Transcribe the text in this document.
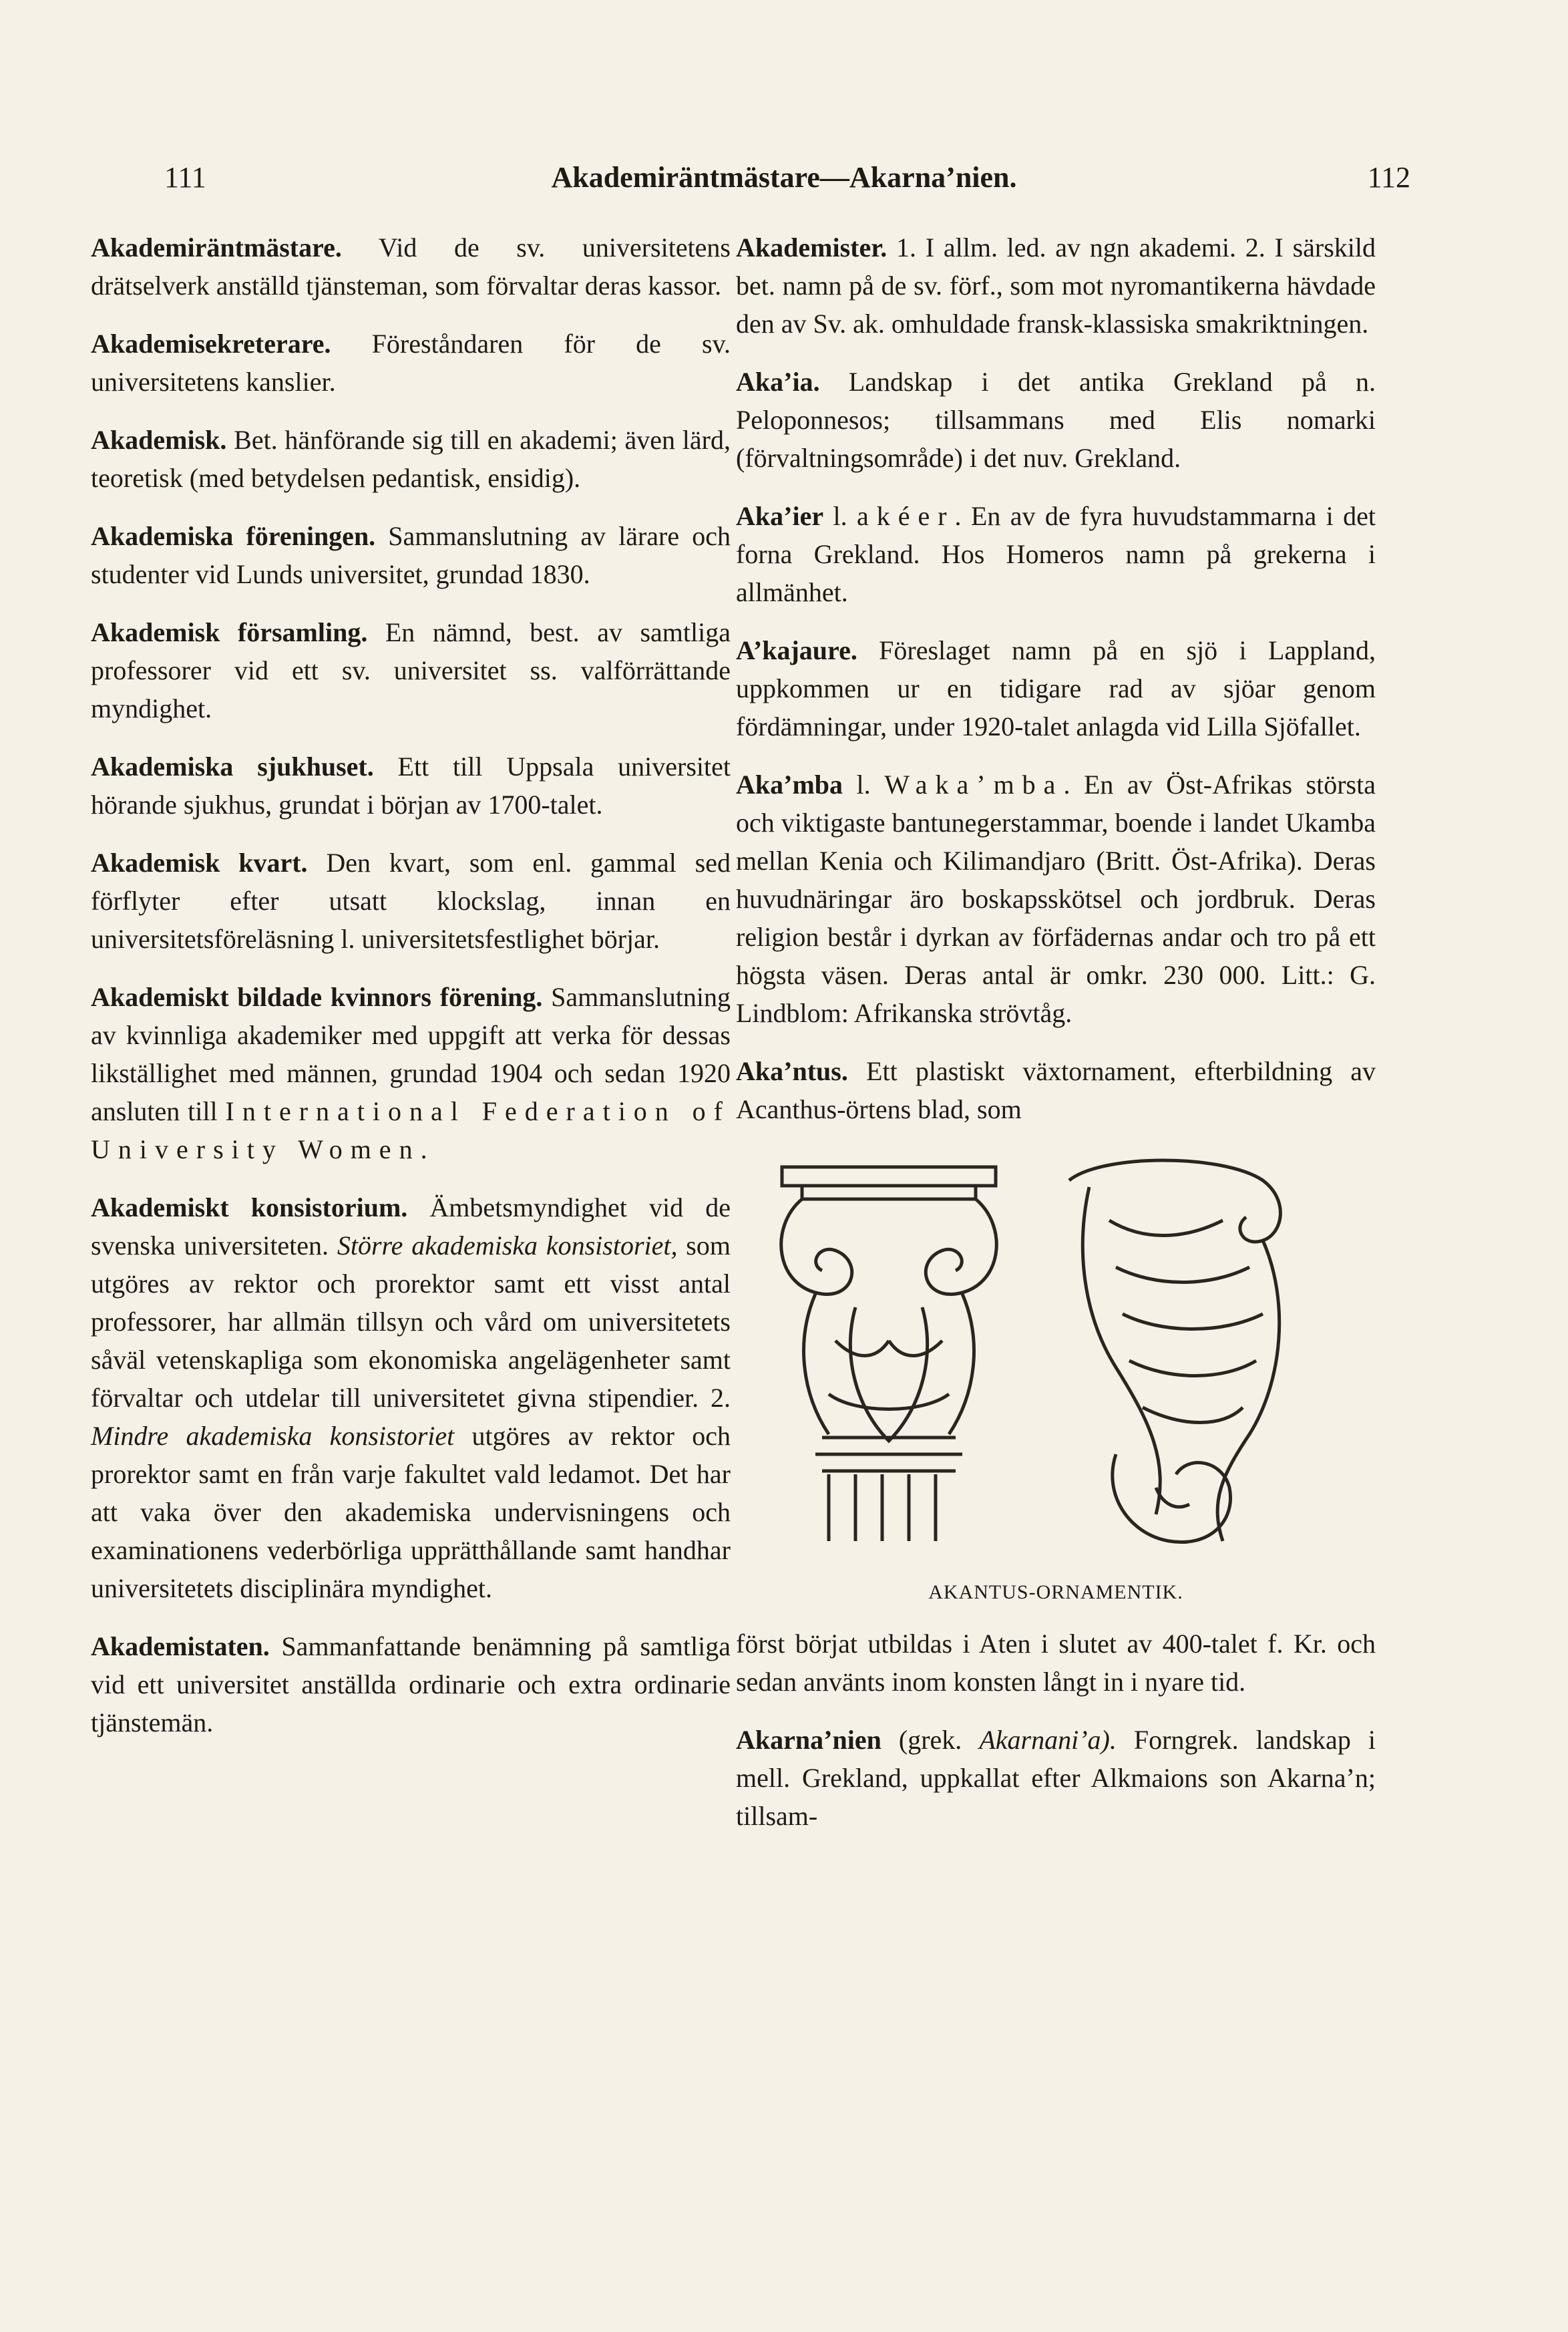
111	Akademiräntmästare—Akarna’nien.	112

Akademiräntmästare. Vid de sv. universitetens drätselverk anställd tjänsteman, som förvaltar deras kassor.

Akademisekreterare. Föreståndaren för de sv. universitetens kanslier.

Akademisk. Bet. hänförande sig till en akademi; även lärd, teoretisk (med betydelsen pedantisk, ensidig).

Akademiska föreningen. Sammanslutning av lärare och studenter vid Lunds universitet, grundad 1830.

Akademisk församling. En nämnd, best. av samtliga professorer vid ett sv. universitet ss. valförrättande myndighet.

Akademiska sjukhuset. Ett till Uppsala universitet hörande sjukhus, grundat i början av 1700-talet.

Akademisk kvart. Den kvart, som enl. gammal sed förflyter efter utsatt klockslag, innan en universitetsföreläsning l. universitetsfestlighet börjar.

Akademiskt bildade kvinnors förening. Sammanslutning av kvinnliga akademiker med uppgift att verka för dessas likställighet med männen, grundad 1904 och sedan 1920 ansluten till International Federation of University Women.

Akademiskt konsistorium. Ämbetsmyndighet vid de svenska universiteten. Större akademiska konsistoriet, som utgöres av rektor och prorektor samt ett visst antal professorer, har allmän tillsyn och vård om universitetets såväl vetenskapliga som ekonomiska angelägenheter samt förvaltar och utdelar till universitetet givna stipendier. 2. Mindre akademiska konsistoriet utgöres av rektor och prorektor samt en från varje fakultet vald ledamot. Det har att vaka över den akademiska undervisningens och examinationens vederbörliga upprätthållande samt handhar universitetets disciplinära myndighet.

Akademistaten. Sammanfattande benämning på samtliga vid ett universitet anställda ordinarie och extra ordinarie tjänstemän.

Akademister. 1. I allm. led. av ngn akademi. 2. I särskild bet. namn på de sv. förf., som mot nyromantikerna hävdade den av Sv. ak. omhuldade fransk-klassiska smakriktningen.

Aka’ia. Landskap i det antika Grekland på n. Peloponnesos; tillsammans med Elis nomarki (förvaltningsområde) i det nuv. Grekland.

Aka’ier l. akéer. En av de fyra huvudstammarna i det forna Grekland. Hos Homeros namn på grekerna i allmänhet.

A’kajaure. Föreslaget namn på en sjö i Lappland, uppkommen ur en tidigare rad av sjöar genom fördämningar, under 1920-talet anlagda vid Lilla Sjöfallet.

Aka’mba l. Waka’mba. En av Öst-Afrikas största och viktigaste bantunegerstammar, boende i landet Ukamba mellan Kenia och Kilimandjaro (Britt. Öst-Afrika). Deras huvudnäringar äro boskapsskötsel och jordbruk. Deras religion består i dyrkan av förfädernas andar och tro på ett högsta väsen. Deras antal är omkr. 230 000. Litt.: G. Lindblom: Afrikanska strövtåg.

Aka’ntus. Ett plastiskt växtornament, efterbildning av Acanthus-örtens blad, som

AKANTUS-ORNAMENTIK.

först börjat utbildas i Aten i slutet av 400-talet f. Kr. och sedan använts inom konsten långt in i nyare tid.

Akarna’nien (grek. Akarnani’a). Forngrek. landskap i mell. Grekland, uppkallat efter Alkmaions son Akarna’n; tillsam-
